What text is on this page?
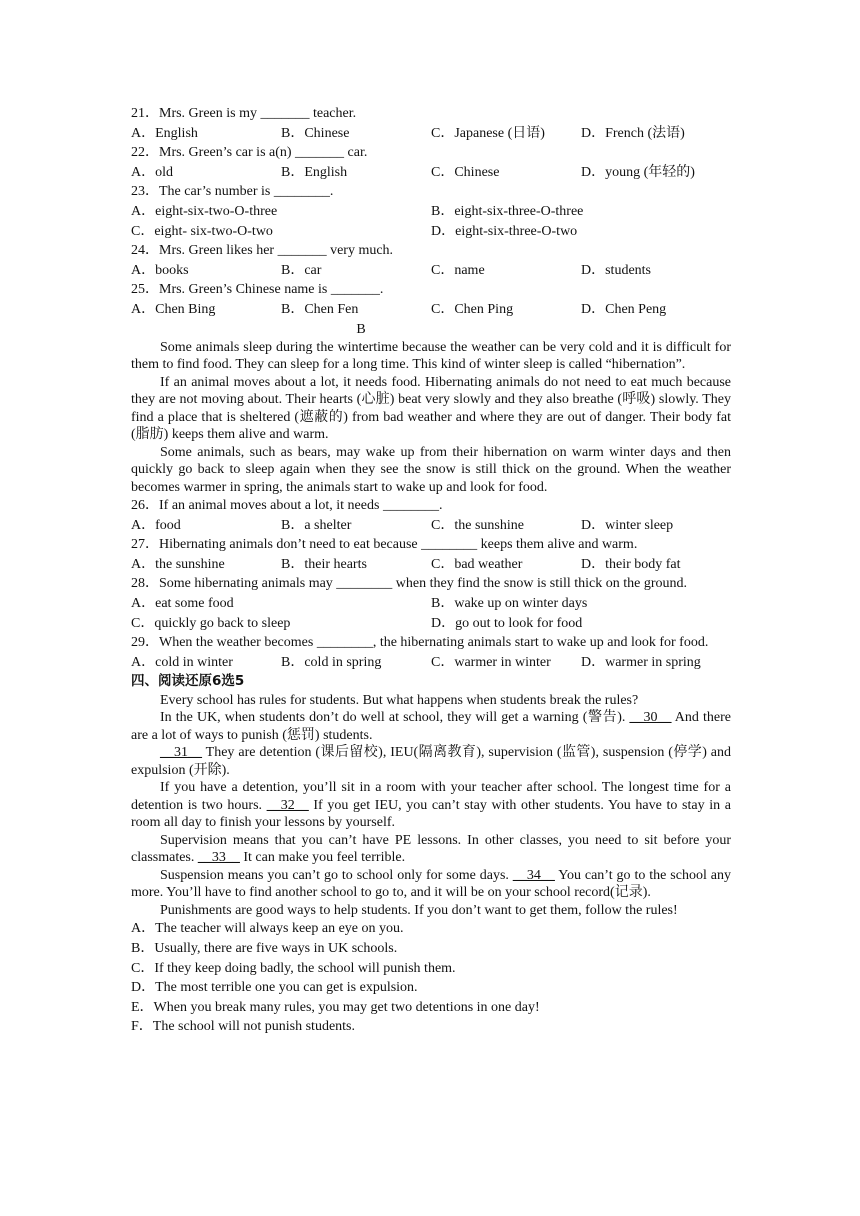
21．Mrs. Green is my _______ teacher.
A．English	B．Chinese	C．Japanese (日语)	D．French (法语)
22．Mrs. Green’s car is a(n) _______ car.
A．old	B．English	C．Chinese	D．young (年轻的)
23．The car’s number is ________.
A．eight-six-two-O-three	B．eight-six-three-O-three
C．eight- six-two-O-two	D．eight-six-three-O-two
24．Mrs. Green likes her _______ very much.
A．books	B．car	C．name	D．students
25．Mrs. Green’s Chinese name is _______.
A．Chen Bing	B．Chen Fen	C．Chen Ping	D．Chen Peng
B

Some animals sleep during the wintertime because the weather can be very cold and it is difficult for them to find food. They can sleep for a long time. This kind of winter sleep is called “hibernation”.

If an animal moves about a lot, it needs food. Hibernating animals do not need to eat much because they are not moving about. Their hearts (心脏) beat very slowly and they also breathe (呼吸) slowly. They find a place that is sheltered (遮蔽的) from bad weather and where they are out of danger. Their body fat (脂肪) keeps them alive and warm.

Some animals, such as bears, may wake up from their hibernation on warm winter days and then quickly go back to sleep again when they see the snow is still thick on the ground. When the weather becomes warmer in spring, the animals start to wake up and look for food.

26．If an animal moves about a lot, it needs ________.
A．food	B．a shelter	C．the sunshine	D．winter sleep
27．Hibernating animals don’t need to eat because ________ keeps them alive and warm.
A．the sunshine	B．their hearts	C．bad weather	D．their body fat
28．Some hibernating animals may ________ when they find the snow is still thick on the ground.
A．eat some food	B．wake up on winter days
C．quickly go back to sleep	D．go out to look for food
29．When the weather becomes ________, the hibernating animals start to wake up and look for food.
A．cold in winter	B．cold in spring	C．warmer in winter	D．warmer in spring
四、阅读还原6选5

Every school has rules for students. But what happens when students break the rules?

In the UK, when students don’t do well at school, they will get a warning (警告). __30__ And there are a lot of ways to punish (惩罚) students.

__31__ They are detention (课后留校), IEU(隔离教育), supervision (监管), suspension (停学) and expulsion (开除).

If you have a detention, you’ll sit in a room with your teacher after school. The longest time for a detention is two hours. __32__ If you get IEU, you can’t stay with other students. You have to stay in a room all day to finish your lessons by yourself.

Supervision means that you can’t have PE lessons. In other classes, you need to sit before your classmates. __33__ It can make you feel terrible.

Suspension means you can’t go to school only for some days. __34__ You can’t go to the school any more. You’ll have to find another school to go to, and it will be on your school record(记录).

Punishments are good ways to help students. If you don’t want to get them, follow the rules!

A．The teacher will always keep an eye on you.
B．Usually, there are five ways in UK schools.
C．If they keep doing badly, the school will punish them.
D．The most terrible one you can get is expulsion.
E．When you break many rules, you may get two detentions in one day!
F．The school will not punish students.
